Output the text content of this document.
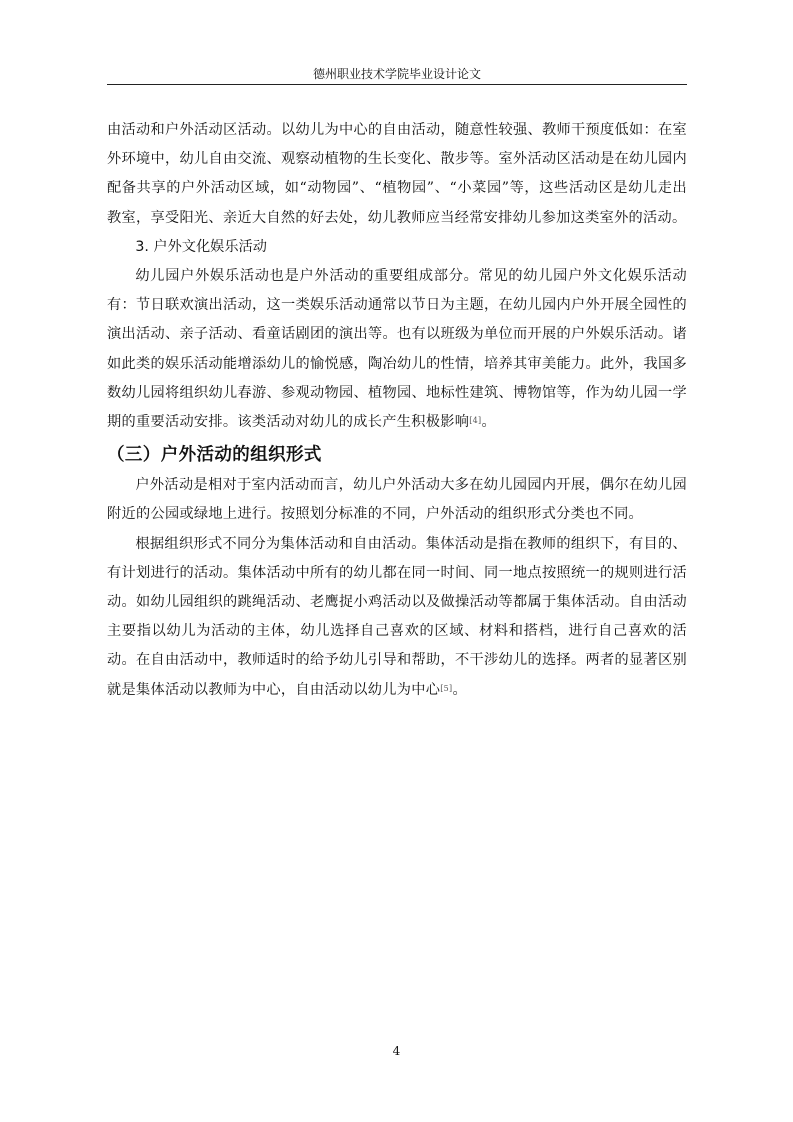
德州职业技术学院毕业设计论文

由活动和户外活动区活动。以幼儿为中心的自由活动，随意性较强、教师干预度低如：在室外环境中，幼儿自由交流、观察动植物的生长变化、散步等。室外活动区活动是在幼儿园内配备共享的户外活动区域，如“动物园”、“植物园”、“小菜园”等，这些活动区是幼儿走出教室，享受阳光、亲近大自然的好去处，幼儿教师应当经常安排幼儿参加这类室外的活动。

3. 户外文化娱乐活动

幼儿园户外娱乐活动也是户外活动的重要组成部分。常见的幼儿园户外文化娱乐活动有：节日联欢演出活动，这一类娱乐活动通常以节日为主题，在幼儿园内户外开展全园性的演出活动、亲子活动、看童话剧团的演出等。也有以班级为单位而开展的户外娱乐活动。诸如此类的娱乐活动能增添幼儿的愉悦感，陶冶幼儿的性情，培养其审美能力。此外，我国多数幼儿园将组织幼儿春游、参观动物园、植物园、地标性建筑、博物馆等，作为幼儿园一学期的重要活动安排。该类活动对幼儿的成长产生积极影响[4]。

（三）户外活动的组织形式

户外活动是相对于室内活动而言，幼儿户外活动大多在幼儿园园内开展，偶尔在幼儿园附近的公园或绿地上进行。按照划分标准的不同，户外活动的组织形式分类也不同。

根据组织形式不同分为集体活动和自由活动。集体活动是指在教师的组织下，有目的、有计划进行的活动。集体活动中所有的幼儿都在同一时间、同一地点按照统一的规则进行活动。如幼儿园组织的跳绳活动、老鹰捉小鸡活动以及做操活动等都属于集体活动。自由活动主要指以幼儿为活动的主体，幼儿选择自己喜欢的区域、材料和搭档，进行自己喜欢的活动。在自由活动中，教师适时的给予幼儿引导和帮助，不干涉幼儿的选择。两者的显著区别就是集体活动以教师为中心，自由活动以幼儿为中心[5]。

4
